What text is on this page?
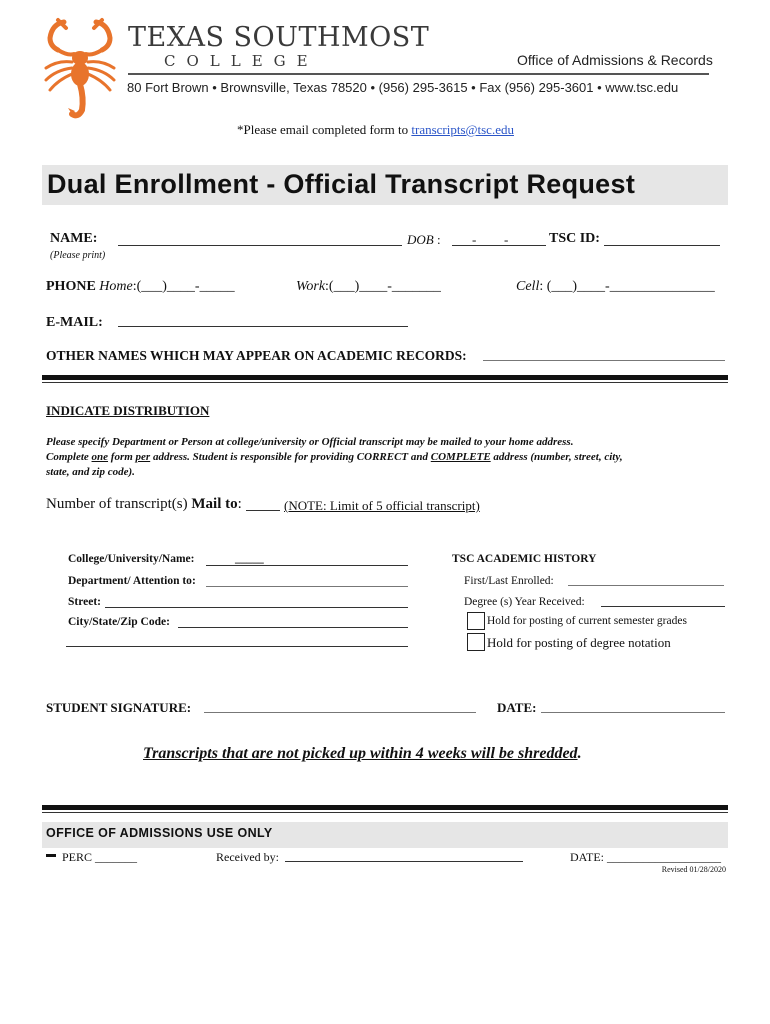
TEXAS SOUTHMOST
COLLEGE	Office of Admissions & Records
80 Fort Brown • Brownsville, Texas 78520 • (956) 295-3615 • Fax (956) 295-3601 • www.tsc.edu
*Please email completed form to transcripts@tsc.edu
Dual Enrollment - Official Transcript Request
NAME:
(Please print)
DOB : - -	TSC ID:
PHONE Home:(___)____-_____	Work:(___)____-_______	Cell: (___)____-_______________
E-MAIL:
OTHER NAMES WHICH MAY APPEAR ON ACADEMIC RECORDS:
INDICATE DISTRIBUTION
Please specify Department or Person at college/university or Official transcript may be mailed to your home address.
Complete one form per address. Student is responsible for providing CORRECT and COMPLETE address (number, street, city,
state, and zip code).
Number of transcript(s) Mail to:	(NOTE: Limit of 5 official transcript)
College/University/Name:	_____
Department/ Attention to:
Street:
City/State/Zip Code:
TSC ACADEMIC HISTORY
First/Last Enrolled:
Degree (s) Year Received:
Hold for posting of current semester grades
Hold for posting of degree notation
STUDENT SIGNATURE:	DATE:
Transcripts that are not picked up within 4 weeks will be shredded.
OFFICE OF ADMISSIONS USE ONLY
▬ PERC _______	Received by:	DATE: ___________________
Revised 01/28/2020
